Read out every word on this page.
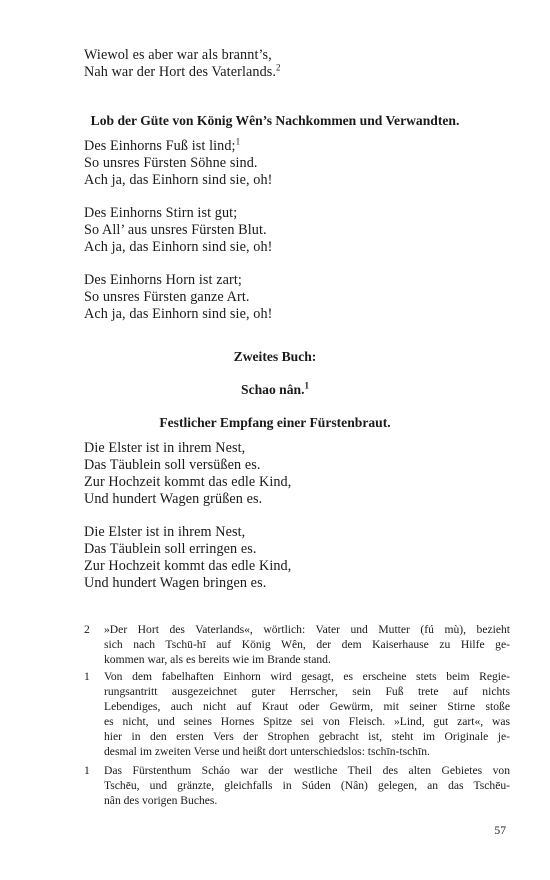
Wiewol es aber war als brannt’s,
Nah war der Hort des Vaterlands.$^2$
Lob der Güte von König Wên’s Nachkommen und Verwandten.
Des Einhorns Fuß ist lind;$^1$
So unsres Fürsten Söhne sind.
Ach ja, das Einhorn sind sie, oh!
Des Einhorns Stirn ist gut;
So All’ aus unsres Fürsten Blut.
Ach ja, das Einhorn sind sie, oh!
Des Einhorns Horn ist zart;
So unsres Fürsten ganze Art.
Ach ja, das Einhorn sind sie, oh!
Zweites Buch:
Schao nân.$^1$
Festlicher Empfang einer Fürstenbraut.
Die Elster ist in ihrem Nest,
Das Täublein soll versüßen es.
Zur Hochzeit kommt das edle Kind,
Und hundert Wagen grüßen es.
Die Elster ist in ihrem Nest,
Das Täublein soll erringen es.
Zur Hochzeit kommt das edle Kind,
Und hundert Wagen bringen es.
2	»Der Hort des Vaterlands«, wörtlich: Vater und Mutter (fú mù), bezieht
sich nach Tschū-hī auf König Wên, der dem Kaiserhause zu Hilfe ge-
kommen war, als es bereits wie im Brande stand.
1	Von dem fabelhaften Einhorn wird gesagt, es erscheine stets beim Regie-
rungsantritt ausgezeichnet guter Herrscher, sein Fuß trete auf nichts
Lebendiges, auch nicht auf Kraut oder Gewürm, mit seiner Stirne stoße
es nicht, und seines Hornes Spitze sei von Fleisch. »Lind, gut zart«, was
hier in den ersten Vers der Strophen gebracht ist, steht im Originale je-
desmal im zweiten Verse und heißt dort unterschiedslos: tschīn-tschīn.
1	Das Fürstenthum Scháo war der westliche Theil des alten Gebietes von
Tschēu, und gränzte, gleichfalls in Súden (Nân) gelegen, an das Tschēu-
nân des vorigen Buches.
57
